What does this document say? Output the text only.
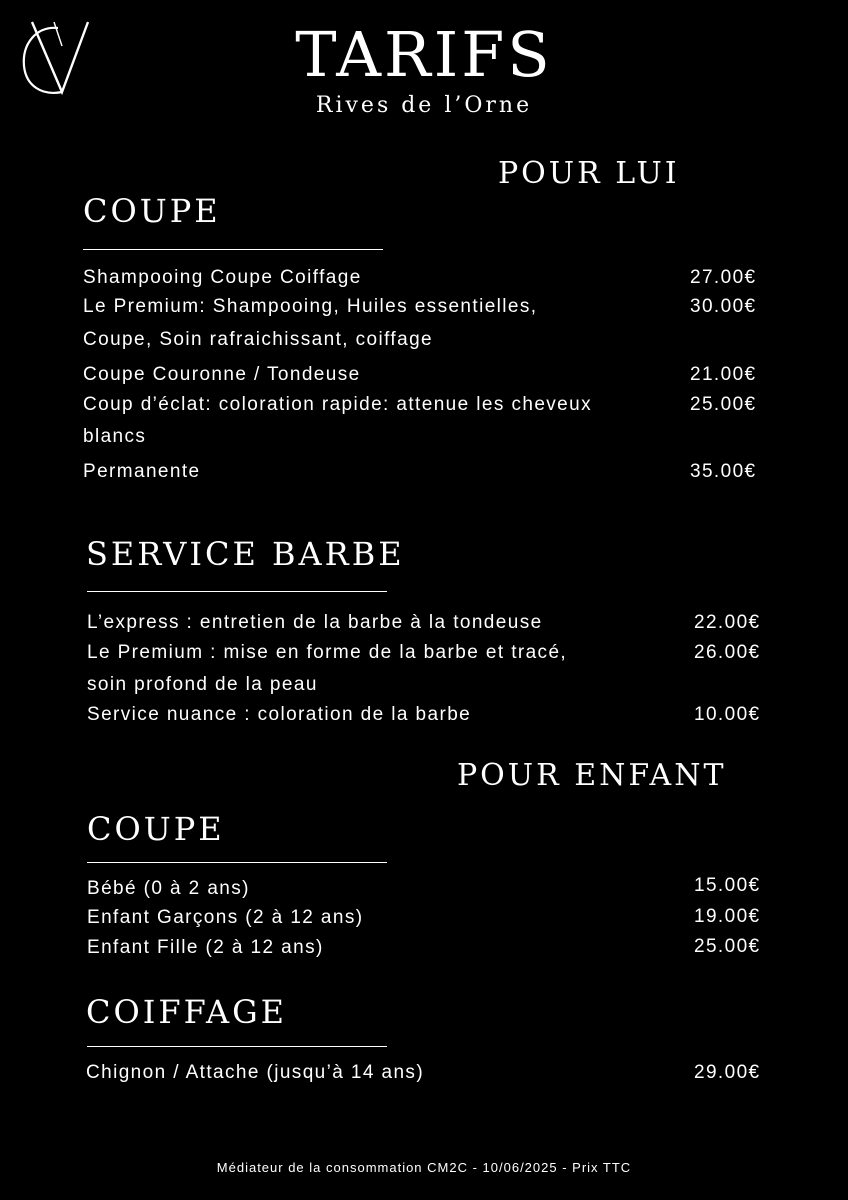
TARIFS
Rives de l’Orne
POUR LUI
COUPE
Shampooing Coupe Coiffage	27.00€
Le Premium: Shampooing, Huiles essentielles,
Coupe, Soin rafraichissant, coiffage
30.00€
Coupe Couronne / Tondeuse	21.00€
Coup d’éclat: coloration rapide: attenue les cheveux
blancs
25.00€
Permanente	35.00€
SERVICE BARBE
L’express : entretien de la barbe à la tondeuse	22.00€
Le Premium : mise en forme de la barbe et tracé,
soin profond de la peau
26.00€
Service nuance : coloration de la barbe	10.00€
POUR ENFANT
COUPE
Bébé (0 à 2 ans)	15.00€
Enfant Garçons (2 à 12 ans)	19.00€
Enfant Fille (2 à 12 ans)	25.00€
COIFFAGE
Chignon / Attache (jusqu’à 14 ans)	29.00€
Médiateur de la consommation CM2C - 10/06/2025 - Prix TTC
